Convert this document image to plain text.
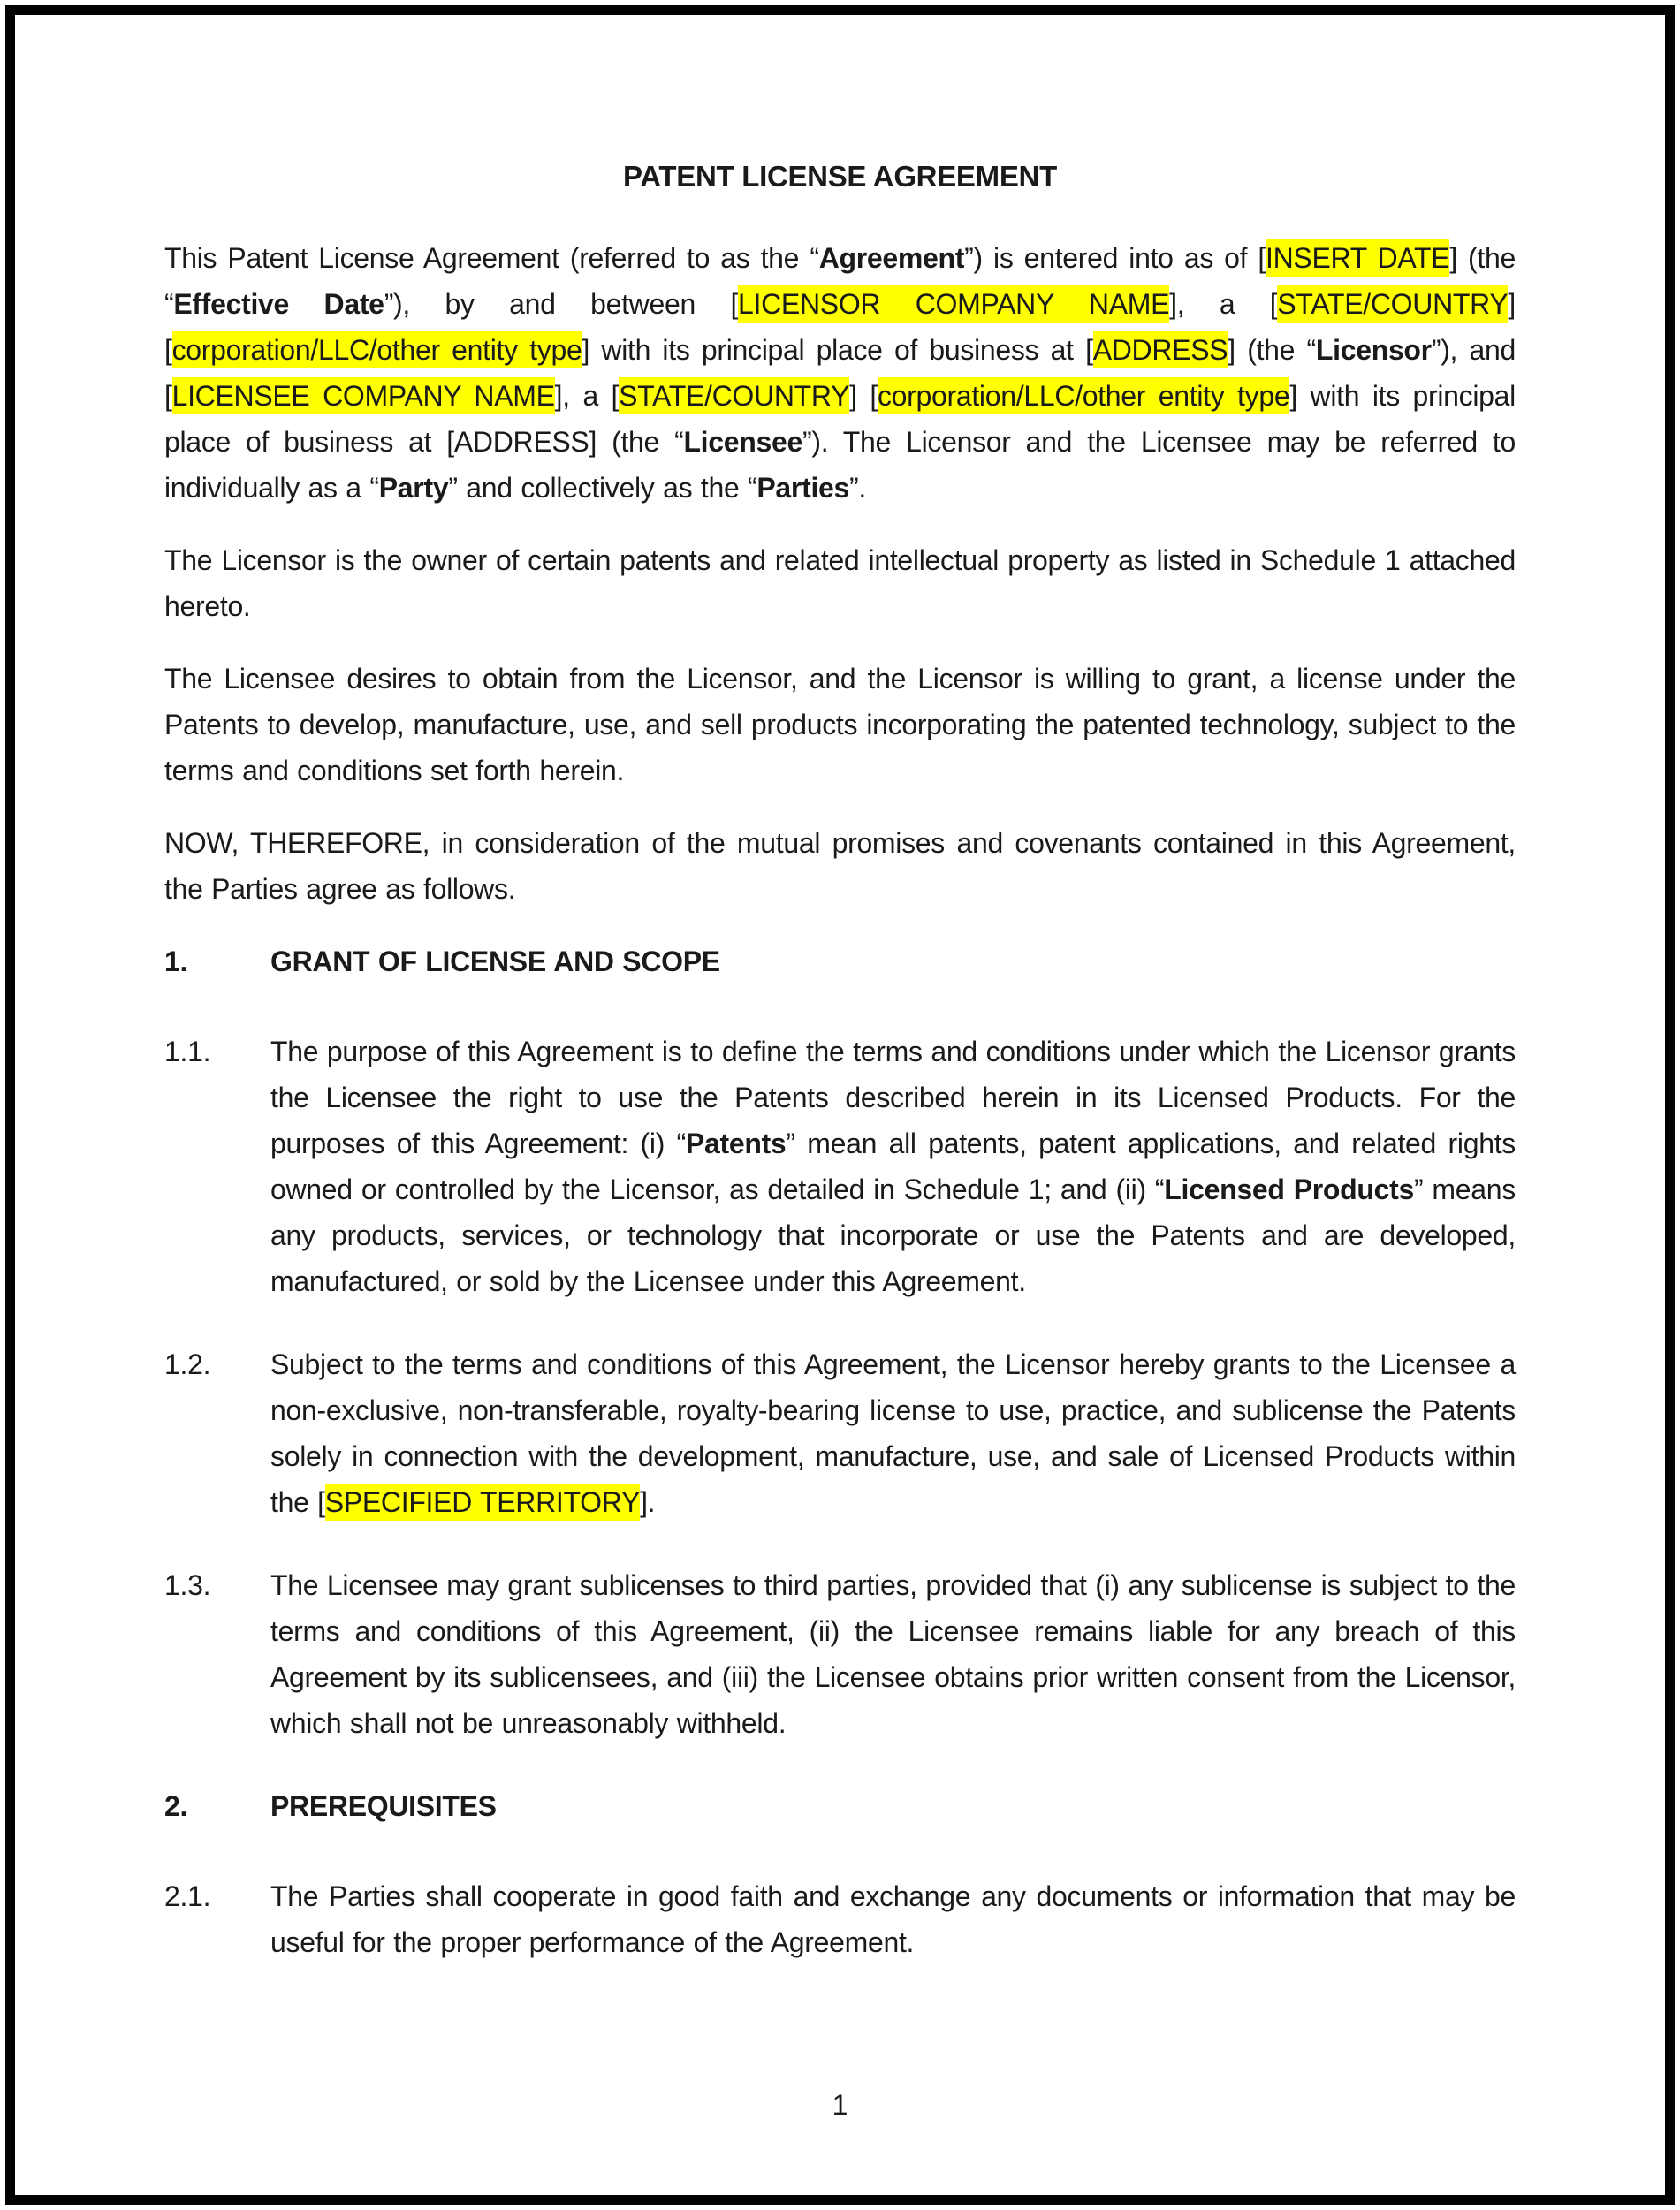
PATENT LICENSE AGREEMENT
This Patent License Agreement (referred to as the “Agreement”) is entered into as of [INSERT DATE] (the “Effective Date”), by and between [LICENSOR COMPANY NAME], a [STATE/COUNTRY] [corporation/LLC/other entity type] with its principal place of business at [ADDRESS] (the “Licensor”), and [LICENSEE COMPANY NAME], a [STATE/COUNTRY] [corporation/LLC/other entity type] with its principal place of business at [ADDRESS] (the “Licensee”). The Licensor and the Licensee may be referred to individually as a “Party” and collectively as the “Parties”.
The Licensor is the owner of certain patents and related intellectual property as listed in Schedule 1 attached hereto.
The Licensee desires to obtain from the Licensor, and the Licensor is willing to grant, a license under the Patents to develop, manufacture, use, and sell products incorporating the patented technology, subject to the terms and conditions set forth herein.
NOW, THEREFORE, in consideration of the mutual promises and covenants contained in this Agreement, the Parties agree as follows.
1.	GRANT OF LICENSE AND SCOPE
1.1.	The purpose of this Agreement is to define the terms and conditions under which the Licensor grants the Licensee the right to use the Patents described herein in its Licensed Products. For the purposes of this Agreement: (i) “Patents” mean all patents, patent applications, and related rights owned or controlled by the Licensor, as detailed in Schedule 1; and (ii) “Licensed Products” means any products, services, or technology that incorporate or use the Patents and are developed, manufactured, or sold by the Licensee under this Agreement.
1.2.	Subject to the terms and conditions of this Agreement, the Licensor hereby grants to the Licensee a non-exclusive, non-transferable, royalty-bearing license to use, practice, and sublicense the Patents solely in connection with the development, manufacture, use, and sale of Licensed Products within the [SPECIFIED TERRITORY].
1.3.	The Licensee may grant sublicenses to third parties, provided that (i) any sublicense is subject to the terms and conditions of this Agreement, (ii) the Licensee remains liable for any breach of this Agreement by its sublicensees, and (iii) the Licensee obtains prior written consent from the Licensor, which shall not be unreasonably withheld.
2.	PREREQUISITES
2.1.	The Parties shall cooperate in good faith and exchange any documents or information that may be useful for the proper performance of the Agreement.
1
